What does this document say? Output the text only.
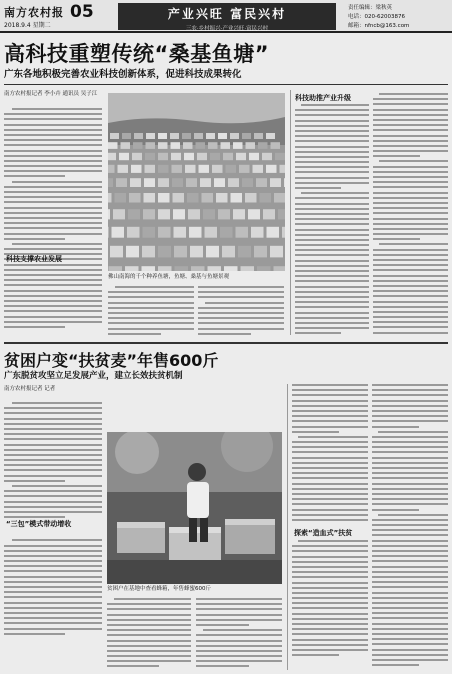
南方农村报 05
2018.9.4 星期二
产业兴旺 富民兴村
三农·乡村振兴·产业兴旺·富民兴村
责任编辑：梁秋英
电话：020-62003876
邮箱：nfncb@163.com
高科技重塑传统“桑基鱼塘”
广东各地积极完善农业科技创新体系，促进科技成果转化
南方农村报记者 李小卉 通讯员 吴子江
科技支撑农业发展
佛山南海的千个种养鱼塘，鱼塘、桑基与鱼塘景观
科技助推产业升级
贫困户变“扶贫麦”年售600斤
广东脱贫攻坚立足发展产业，建立长效扶贫机制
南方农村报记者 记者
“三包”模式带动增收
贫困户在基地中查看蜂箱，年售蜂蜜600斤
探索“造血式”扶贫
